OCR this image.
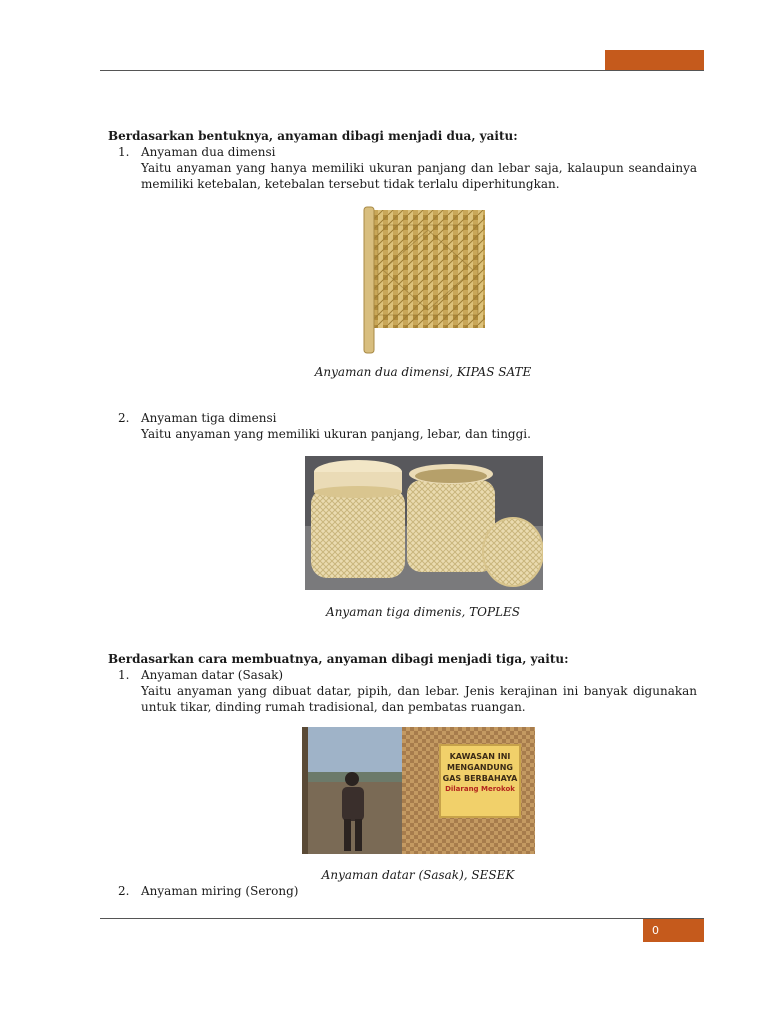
Berdasarkan bentuknya, anyaman dibagi menjadi dua, yaitu:
1. Anyaman dua dimensi
Yaitu anyaman yang hanya memiliki ukuran panjang dan lebar saja, kalaupun seandainya memiliki ketebalan, ketebalan tersebut tidak terlalu diperhitungkan.
Anyaman dua dimensi, KIPAS SATE
2. Anyaman tiga dimensi
Yaitu anyaman yang memiliki ukuran panjang, lebar, dan tinggi.
Anyaman tiga dimenis, TOPLES
Berdasarkan cara membuatnya, anyaman dibagi menjadi tiga, yaitu:
1. Anyaman datar (Sasak)
Yaitu anyaman yang dibuat datar, pipih, dan lebar. Jenis kerajinan ini banyak digunakan untuk tikar, dinding rumah tradisional, dan pembatas ruangan.
KAWASAN INI
MENGANDUNG
GAS BERBAHAYA
Dilarang Merokok
Anyaman datar (Sasak), SESEK
2. Anyaman miring (Serong)
0
